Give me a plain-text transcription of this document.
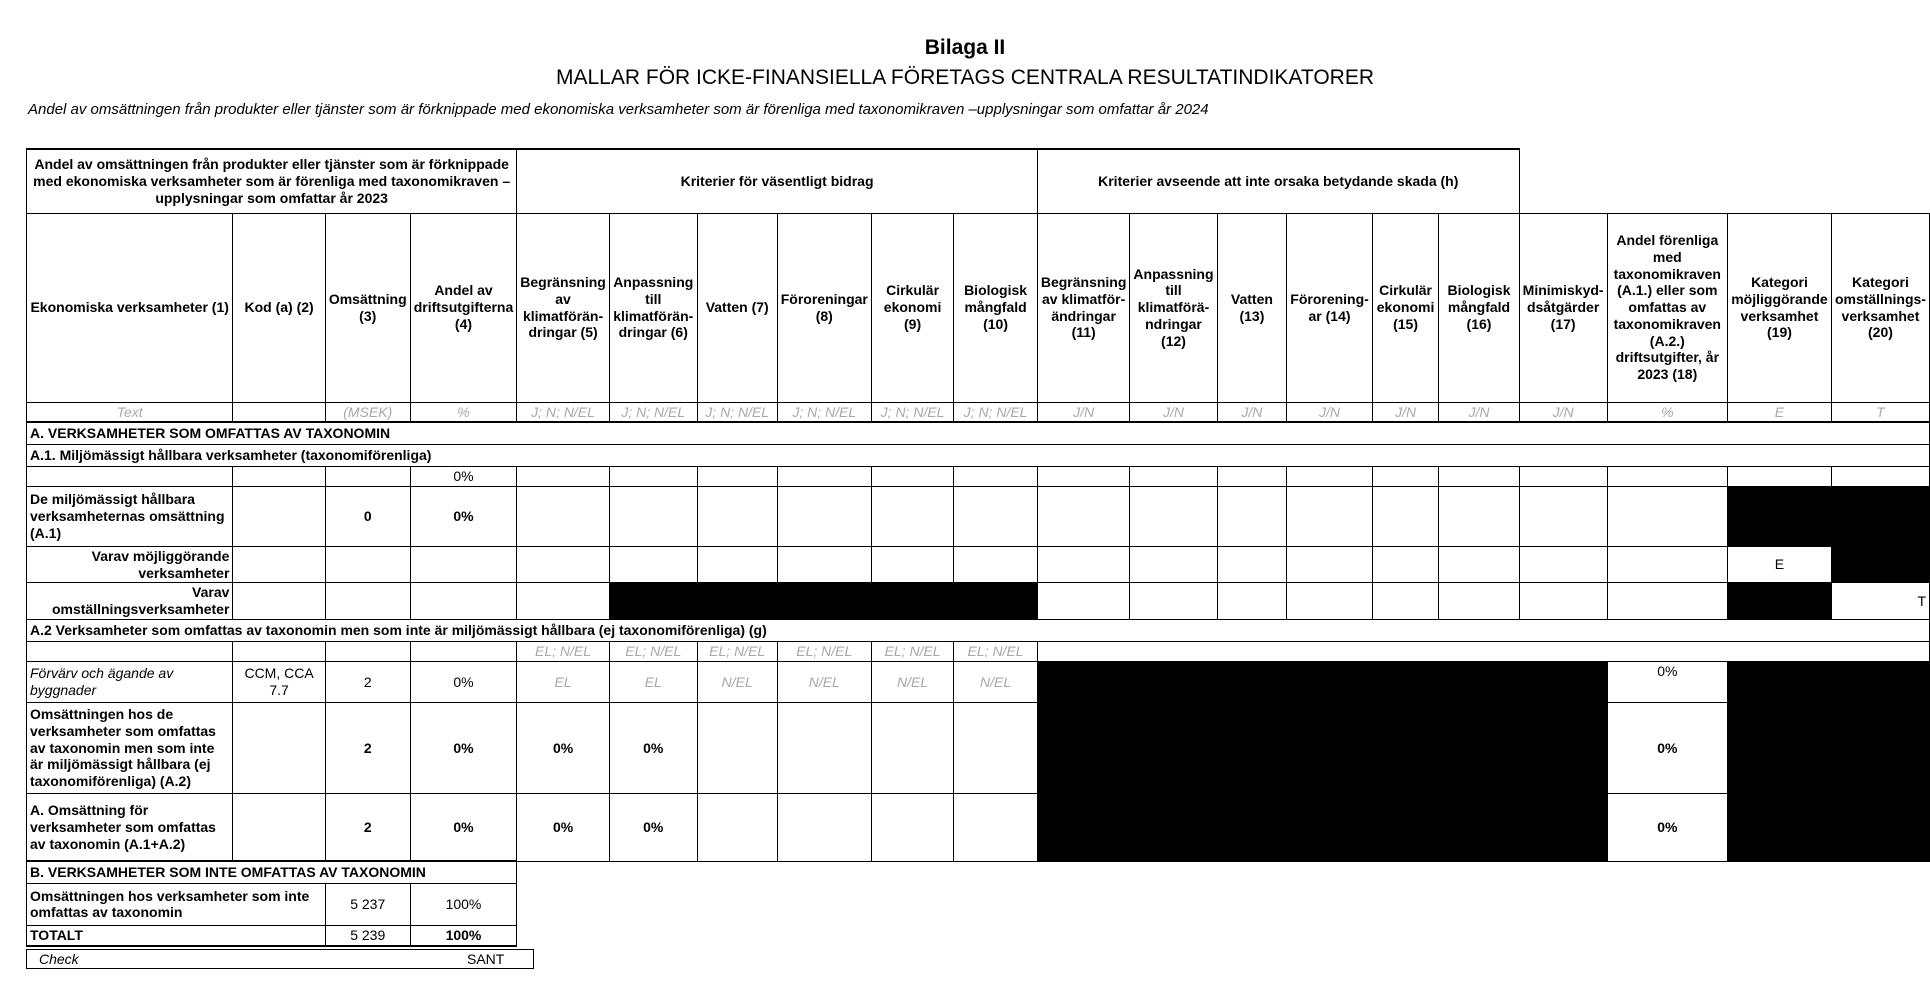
Bilaga II
MALLAR FÖR ICKE-FINANSIELLA FÖRETAGS CENTRALA RESULTATINDIKATORER
Andel av omsättningen från produkter eller tjänster som är förknippade med ekonomiska verksamheter som är förenliga med taxonomikraven –upplysningar som omfattar år 2024
Andel av omsättningen från produkter eller tjänster som är förknippade med ekonomiska verksamheter som är förenliga med taxonomikraven – upplysningar som omfattar år 2023				Kriterier för väsentligt bidrag						Kriterier avseende att inte orsaka betydande skada (h)									
Ekonomiska verksamheter (1)	Kod (a) (2)	Omsättning (3)	Andel av driftsutgifterna (4)	Begränsning av klimatförän-dringar (5)	Anpassning till klimatförän-dringar (6)	Vatten (7)	Föroreningar (8)	Cirkulär ekonomi (9)	Biologisk mångfald (10)	Begränsning av klimatför-ändringar (11)	Anpassning till klimatförä-ndringar (12)	Vatten (13)	Förorening-ar (14)	Cirkulär ekonomi (15)	Biologisk mångfald (16)	Minimiskyd-dsåtgärder (17)	Andel förenliga med taxonomikraven (A.1.) eller som omfattas av taxonomikraven (A.2.) driftsutgifter, år 2023 (18)	Kategori möjliggörande verksamhet (19)	Kategori omställnings-verksamhet (20)
Text		(MSEK)	%	J; N; N/EL	J; N; N/EL	J; N; N/EL	J; N; N/EL	J; N; N/EL	J; N; N/EL	J/N	J/N	J/N	J/N	J/N	J/N	J/N	%	E	T
A. VERKSAMHETER SOM OMFATTAS AV TAXONOMIN																			
A.1. Miljömässigt hållbara verksamheter (taxonomiförenliga)																			
			0%																
De miljömässigt hållbara verksamheternas omsättning (A.1)		0	0%																
Varav möjliggörande verksamheter																		E	
Varav omställningsverksamheter																			T
A.2 Verksamheter som omfattas av taxonomin men som inte är miljömässigt hållbara (ej taxonomiförenliga) (g)																			
				EL; N/EL	EL; N/EL	EL; N/EL	EL; N/EL	EL; N/EL	EL; N/EL										
Förvärv och ägande av byggnader	CCM, CCA 7.7	2	0%	EL	EL	N/EL	N/EL	N/EL	N/EL								0%		
Omsättningen hos de verksamheter som omfattas av taxonomin men som inte är miljömässigt hållbara (ej taxonomiförenliga) (A.2)		2	0%	0%	0%												0%		
A. Omsättning för verksamheter som omfattas av taxonomin (A.1+A.2)		2	0%	0%	0%												0%		
B. VERKSAMHETER SOM INTE OMFATTAS AV TAXONOMIN																			
Omsättningen hos verksamheter som inte omfattas av taxonomin		5 237	100%																
TOTALT		5 239	100%																
Check	SANT
